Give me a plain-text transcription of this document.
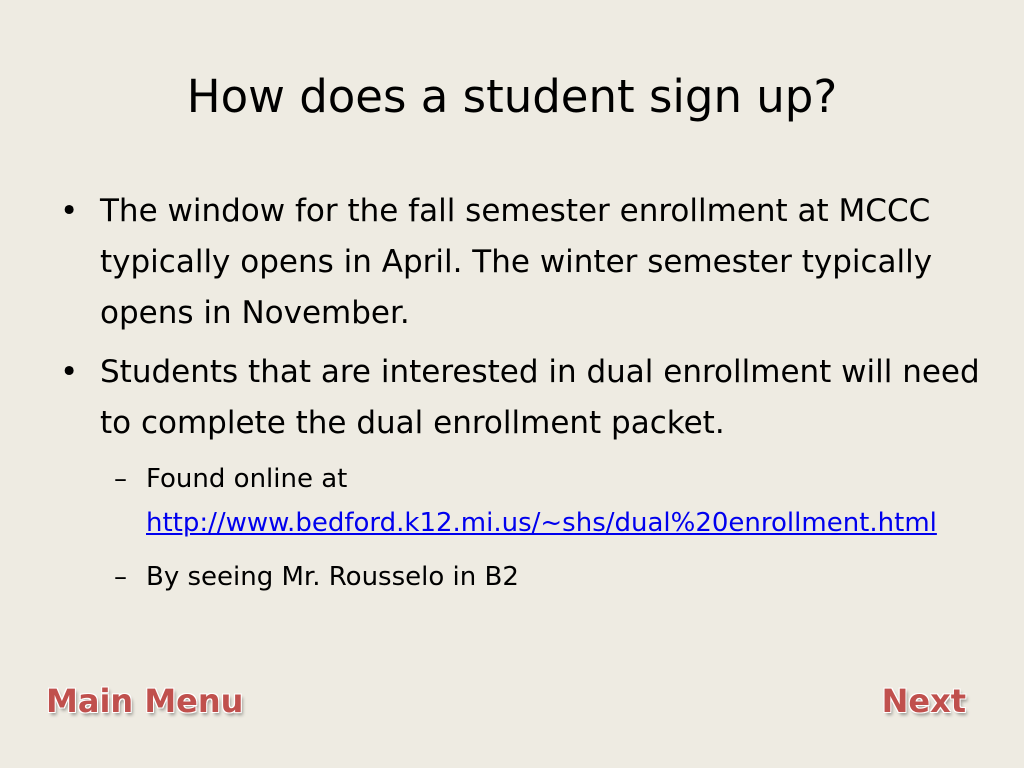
How does a student sign up?
• The window for the fall semester enrollment at MCCC typically opens in April. The winter semester typically opens in November.
• Students that are interested in dual enrollment will need to complete the dual enrollment packet.
– Found online at
http://www.bedford.k12.mi.us/~shs/dual%20enrollment.html
– By seeing Mr. Rousselo in B2
Main Menu	Next
